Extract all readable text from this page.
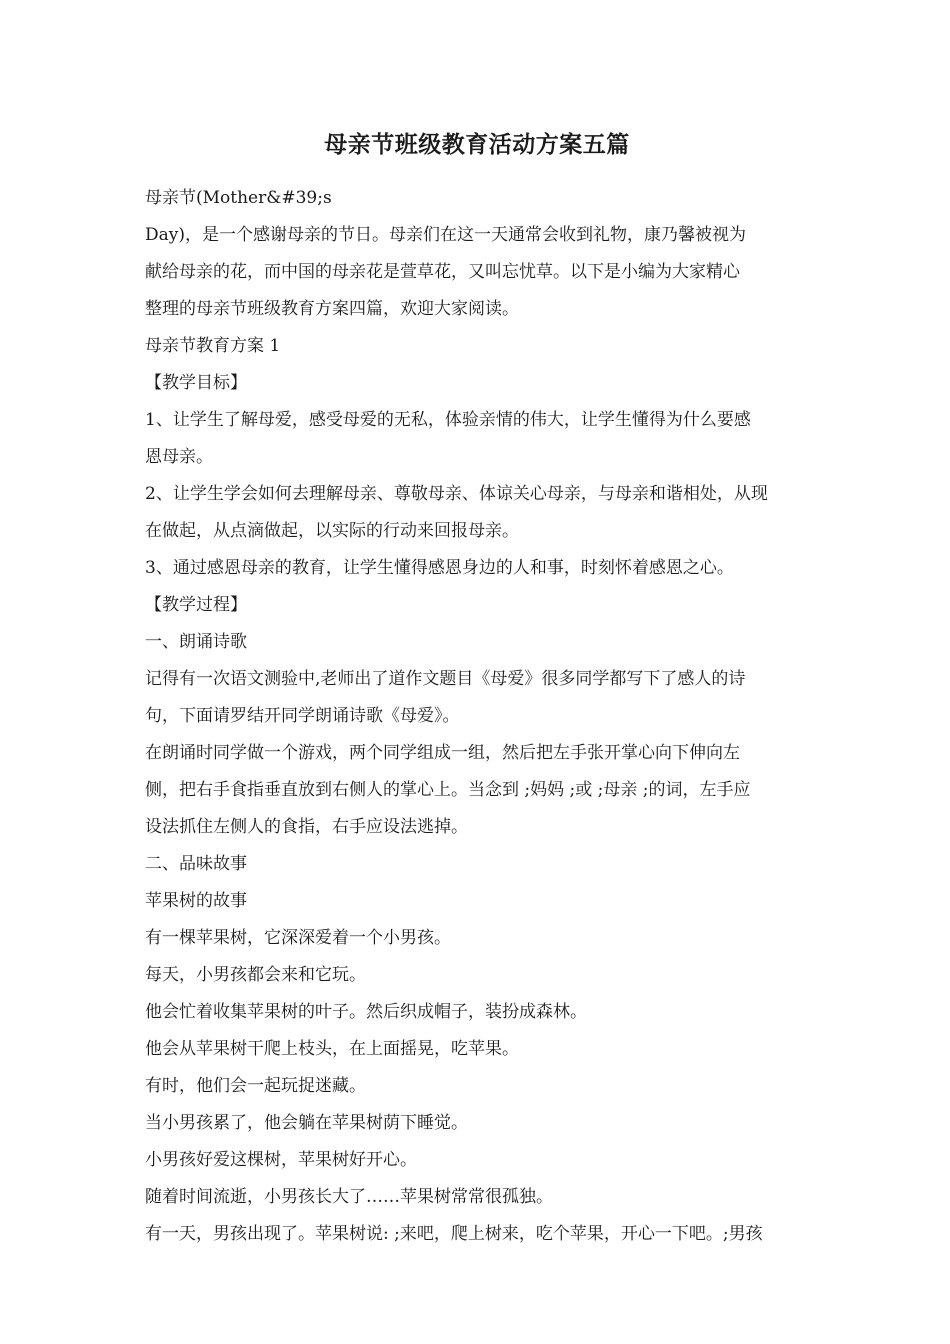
母亲节班级教育活动方案五篇
母亲节(Mother&#39;s
Day)，是一个感谢母亲的节日。母亲们在这一天通常会收到礼物，康乃馨被视为
献给母亲的花，而中国的母亲花是萱草花，又叫忘忧草。以下是小编为大家精心
整理的母亲节班级教育方案四篇，欢迎大家阅读。
母亲节教育方案 1
【教学目标】
1、让学生了解母爱，感受母爱的无私，体验亲情的伟大，让学生懂得为什么要感
恩母亲。
2、让学生学会如何去理解母亲、尊敬母亲、体谅关心母亲，与母亲和谐相处，从现
在做起，从点滴做起，以实际的行动来回报母亲。
3、通过感恩母亲的教育，让学生懂得感恩身边的人和事，时刻怀着感恩之心。
【教学过程】
一、朗诵诗歌
记得有一次语文测验中,老师出了道作文题目《母爱》很多同学都写下了感人的诗
句，下面请罗结开同学朗诵诗歌《母爱》。
在朗诵时同学做一个游戏，两个同学组成一组，然后把左手张开掌心向下伸向左
侧，把右手食指垂直放到右侧人的掌心上。当念到 ;妈妈 ;或 ;母亲 ;的词，左手应
设法抓住左侧人的食指，右手应设法逃掉。
二、品味故事
苹果树的故事
有一棵苹果树，它深深爱着一个小男孩。
每天，小男孩都会来和它玩。
他会忙着收集苹果树的叶子。然后织成帽子，装扮成森林。
他会从苹果树干爬上枝头，在上面摇晃，吃苹果。
有时，他们会一起玩捉迷藏。
当小男孩累了，他会躺在苹果树荫下睡觉。
小男孩好爱这棵树，苹果树好开心。
随着时间流逝，小男孩长大了……苹果树常常很孤独。
有一天，男孩出现了。苹果树说: ;来吧，爬上树来，吃个苹果，开心一下吧。;男孩
